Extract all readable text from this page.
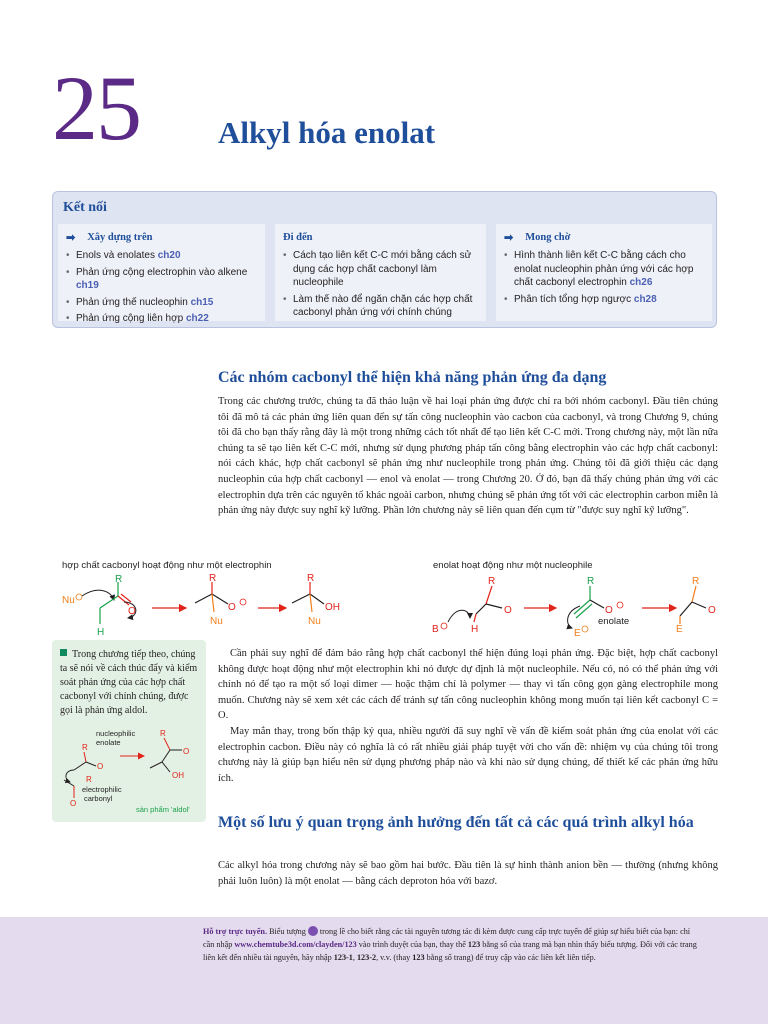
25	Alkyl hóa enolat
Kết nối
➡ Xây dựng trên
• Enols và enolates ch20
• Phản ứng cộng electrophin vào alkene ch19
• Phản ứng thế nucleophin ch15
• Phản ứng cộng liên hợp ch22
Đi đến
• Cách tạo liên kết C-C mới bằng cách sử dụng các hợp chất cacbonyl làm nucleophile
• Làm thế nào để ngăn chặn các hợp chất cacbonyl phản ứng với chính chúng
➡ Mong chờ
• Hình thành liên kết C-C bằng cách cho enolat nucleophin phản ứng với các hợp chất cacbonyl electrophin ch26
• Phân tích tổng hợp ngược ch28
Các nhóm cacbonyl thể hiện khả năng phản ứng đa dạng
Trong các chương trước, chúng ta đã thảo luận về hai loại phản ứng được chỉ ra bởi nhóm cacbonyl. Đầu tiên chúng tôi đã mô tả các phản ứng liên quan đến sự tấn công nucleophin vào cacbon của cacbonyl, và trong Chương 9, chúng tôi đã cho bạn thấy rằng đây là một trong những cách tốt nhất để tạo liên kết C-C mới. Trong chương này, một lần nữa chúng ta sẽ tạo liên kết C-C mới, nhưng sử dụng phương pháp tấn công bằng electrophin vào các hợp chất cacbonyl: nói cách khác, hợp chất cacbonyl sẽ phản ứng như nucleophile trong phản ứng. Chúng tôi đã giới thiệu các dạng nucleophin của hợp chất cacbonyl — enol và enolat — trong Chương 20. Ở đó, bạn đã thấy chúng phản ứng với các electrophin dựa trên các nguyên tố khác ngoài carbon, nhưng chúng sẽ phản ứng tốt với các electrophin carbon miễn là phản ứng này được suy nghĩ kỹ lưỡng. Phần lớn chương này sẽ liên quan đến cụm từ "được suy nghĩ kỹ lưỡng".
hợp chất cacbonyl hoạt động như một electrophin	enolat hoạt động như một nucleophile
Nu
R
O
H
R
O
Nu
R
OH
Nu
B
R
O
H
R
O
E
enolate
R
O
E
Trong chương tiếp theo, chúng ta sẽ nói về cách thúc đẩy và kiểm soát phản ứng của các hợp chất cacbonyl với chính chúng, được gọi là phản ứng aldol.
nucleophilic
enolate
R
O
R
O
electrophilic
carbonyl
R
O
OH
sản phẩm 'aldol'
Cần phải suy nghĩ để đảm bảo rằng hợp chất cacbonyl thể hiện đúng loại phản ứng. Đặc biệt, hợp chất cacbonyl không được hoạt động như một electrophin khi nó được dự định là một nucleophile. Nếu có, nó có thể phản ứng với chính nó để tạo ra một số loại dimer — hoặc thậm chí là polymer — thay vì tấn công gọn gàng electrophile mong muốn. Chương này sẽ xem xét các cách để tránh sự tấn công nucleophin không mong muốn tại liên kết cacbonyl C = O.
May mắn thay, trong bốn thập kỷ qua, nhiều người đã suy nghĩ về vấn đề kiểm soát phản ứng của enolat với các electrophin cacbon. Điều này có nghĩa là có rất nhiều giải pháp tuyệt vời cho vấn đề: nhiệm vụ của chúng tôi trong chương này là giúp bạn hiểu nên sử dụng phương pháp nào và khi nào sử dụng chúng, để thiết kế các phản ứng hữu ích.
Một số lưu ý quan trọng ảnh hưởng đến tất cả các quá trình alkyl hóa
Các alkyl hóa trong chương này sẽ bao gồm hai bước. Đầu tiên là sự hình thành anion bền — thường (nhưng không phải luôn luôn) là một enolat — bằng cách deproton hóa với bazơ.
Hỗ trợ trực tuyến. Biểu tượng  trong lề cho biết rằng các tài nguyên tương tác đi kèm được cung cấp trực tuyến để giúp sự hiểu biết của bạn: chỉ cần nhập www.chemtube3d.com/clayden/123 vào trình duyệt của bạn, thay thế 123 bằng số của trang mà bạn nhìn thấy biểu tượng. Đối với các trang liên kết đến nhiều tài nguyên, hãy nhập 123-1, 123-2, v.v. (thay 123 bằng số trang) để truy cập vào các liên kết liên tiếp.
